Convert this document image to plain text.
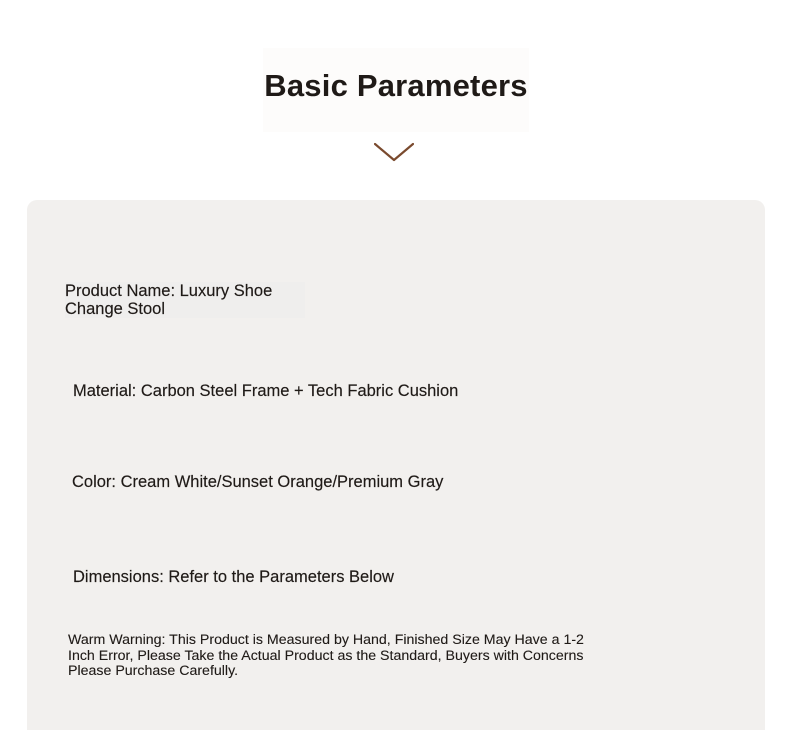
Basic Parameters
Product Name: Luxury Shoe Change Stool
Material: Carbon Steel Frame + Tech Fabric Cushion
Color: Cream White/Sunset Orange/Premium Gray
Dimensions: Refer to the Parameters Below
Warm Warning: This Product is Measured by Hand, Finished Size May Have a 1-2 Inch Error, Please Take the Actual Product as the Standard, Buyers with Concerns Please Purchase Carefully.
